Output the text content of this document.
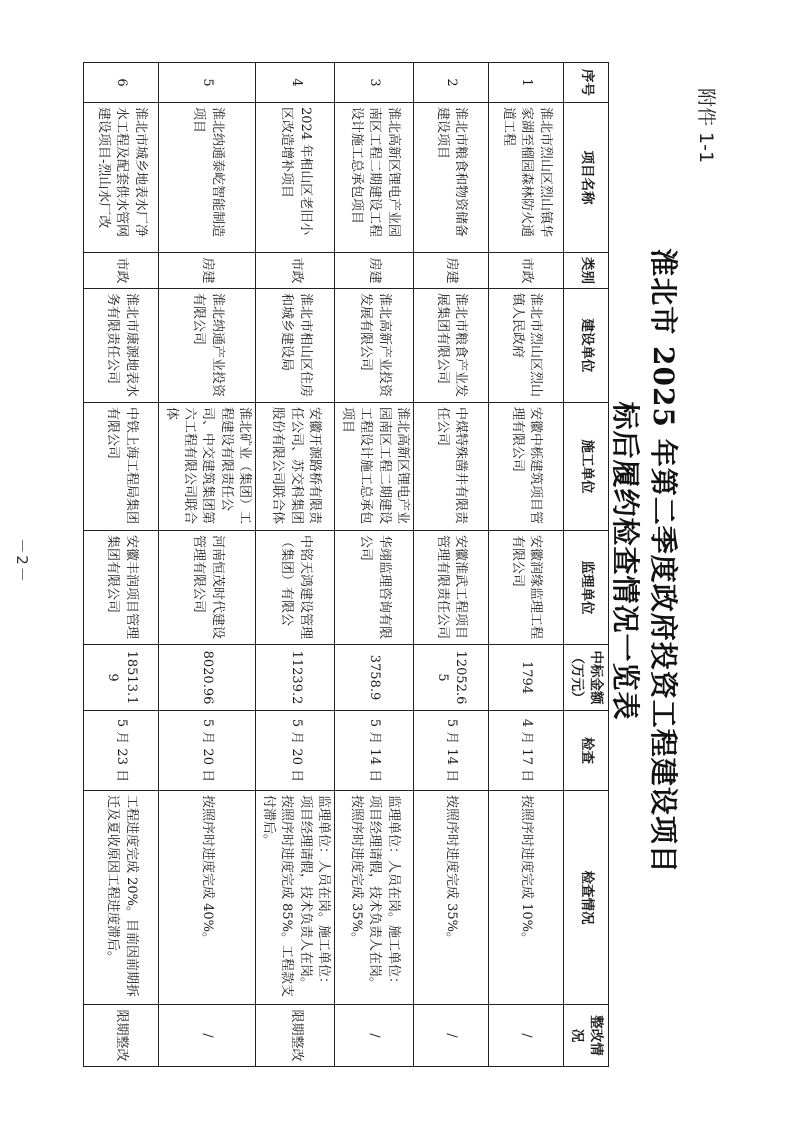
附件 1-1
淮北市 2025 年第二季度政府投资工程建设项目
标后履约检查情况一览表
序号	项目名称	类别	建设单位	施工单位	监理单位	中标金额（万元）	检查	检查情况	整改情况
1	淮北市烈山区烈山镇华家湖至榴园森林防火通道工程	市政	淮北市烈山区烈山镇人民政府	安徽中栎建筑项目管理有限公司	安徽润缘监理工程有限公司	1794	4 月 17 日	按照序时进度完成 10%。	/
2	淮北市粮食和物资储备建设项目	房建	淮北市粮食产业发展集团有限公司	中煤特殊凿井有限责任公司	安徽淮武工程项目管理有限责任公司	12052.65	5 月 14 日	按照序时进度完成 35%。	/
3	淮北高新区锂电产业园南区工程二期建设工程设计施工总承包项目	房建	淮北高新产业投资发展有限公司	淮北高新区锂电产业园南区工程二期建设工程设计施工总承包项目	华翊监理咨询有限公司	3758.9	5 月 14 日	监理单位：人员在岗。施工单位：项目经理请假，技术负责人在岗。按照序时进度完成 35%。	/
4	2024 年相山区老旧小区改造增补项目	市政	淮北市相山区住房和城乡建设局	安徽开源路桥有限责任公司、苏交科集团股份有限公司联合体	中铭天鸿建设管理（集团）有限公	11239.2	5 月 20 日	监理单位：人员在岗。施工单位：项目经理请假，技术负责人在岗。按照序时进度完成 85%。工程款支付滞后。	限期整改
5	淮北纳通泰屹智能制造项目	房建	淮北纳通产业投资有限公司	淮北矿业（集团）工程建设有限责任公司、中交建筑集团第六工程有限公司联合体	河南恒茂时代建设管理有限公司	8020.96	5 月 20 日	按照序时进度完成 40%。	/
6	淮北市城乡地表水厂净水工程及配套供水管网建设项目-烈山水厂改	市政	淮北市康源地表水务有限责任公司	中铁上海工程局集团有限公司	安徽丰润项目管理集团有限公司	18513.19	5 月 23 日	工程进度完成 20%。目前因前期拆迁及夏收原因工程进度滞后。	限期整改
－2－
